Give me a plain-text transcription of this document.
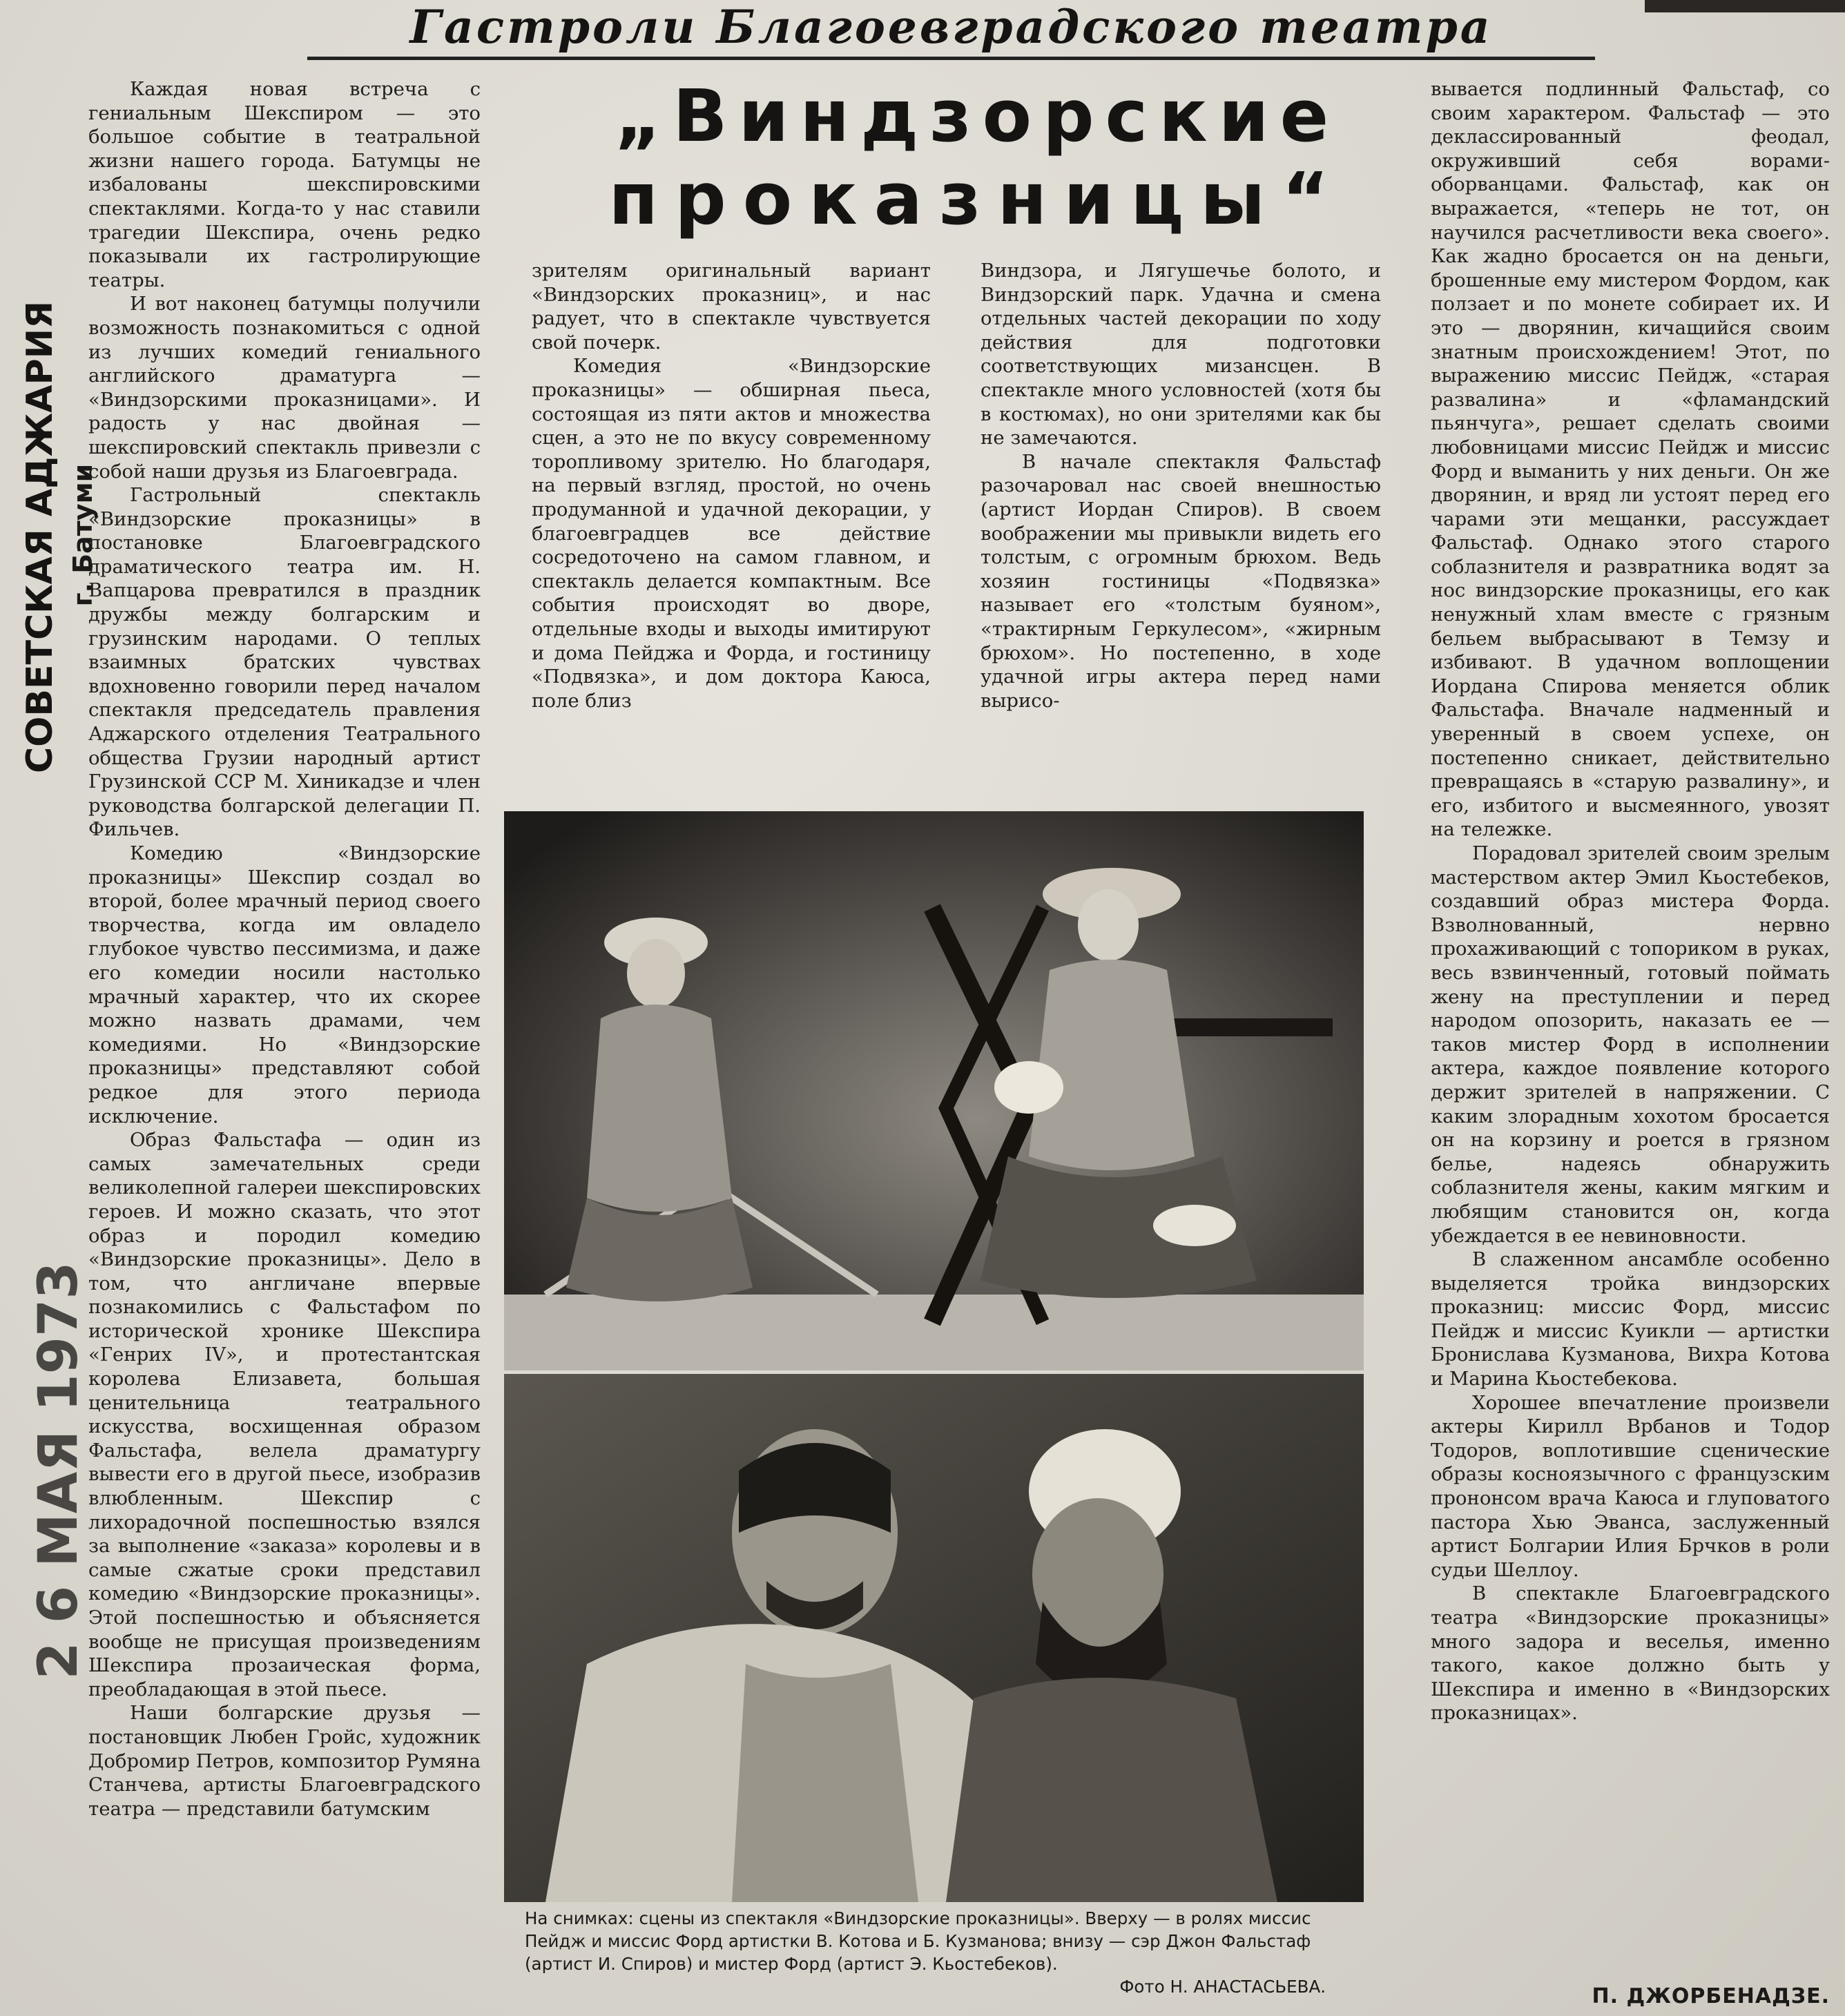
Гастроли Благоевградского театра
„Виндзорские
проказницы“
СОВЕТСКАЯ АДЖАРИЯ г. Батуми
2 6 МАЯ 1973

Каждая новая встреча с гениальным Шекспиром — это большое событие в театральной жизни нашего города. Батумцы не избалованы шекспировскими спектаклями. Когда-то у нас ставили трагедии Шекспира, очень редко показывали их гастролирующие театры.

И вот наконец батумцы получили возможность познакомиться с одной из лучших комедий гениального английского драматурга — «Виндзорскими проказницами». И радость у нас двойная — шекспировский спектакль привезли с собой наши друзья из Благоевграда.

Гастрольный спектакль «Виндзорские проказницы» в постановке Благоевградского драматического театра им. Н. Вапцарова превратился в праздник дружбы между болгарским и грузинским народами. О теплых взаимных братских чувствах вдохновенно говорили перед началом спектакля председатель правления Аджарского отделения Театрального общества Грузии народный артист Грузинской ССР М. Хиникадзе и член руководства болгарской делегации П. Фильчев.

Комедию «Виндзорские проказницы» Шекспир создал во второй, более мрачный период своего творчества, когда им овладело глубокое чувство пессимизма, и даже его комедии носили настолько мрачный характер, что их скорее можно назвать драмами, чем комедиями. Но «Виндзорские проказницы» представляют собой редкое для этого периода исключение.

Образ Фальстафа — один из самых замечательных среди великолепной галереи шекспировских героев. И можно сказать, что этот образ и породил комедию «Виндзорские проказницы». Дело в том, что англичане впервые познакомились с Фальстафом по исторической хронике Шекспира «Генрих IV», и протестантская королева Елизавета, большая ценительница театрального искусства, восхищенная образом Фальстафа, велела драматургу вывести его в другой пьесе, изобразив влюбленным. Шекспир с лихорадочной поспешностью взялся за выполнение «заказа» королевы и в самые сжатые сроки представил комедию «Виндзорские проказницы». Этой поспешностью и объясняется вообще не присущая произведениям Шекспира прозаическая форма, преобладающая в этой пьесе.

Наши болгарские друзья — постановщик Любен Гройс, художник Добромир Петров, композитор Румяна Станчева, артисты Благоевградского театра — представили батумским

зрителям оригинальный вариант «Виндзорских проказниц», и нас радует, что в спектакле чувствуется свой почерк.

Комедия «Виндзорские проказницы» — обширная пьеса, состоящая из пяти актов и множества сцен, а это не по вкусу современному торопливому зрителю. Но благодаря, на первый взгляд, простой, но очень продуманной и удачной декорации, у благоевградцев все действие сосредоточено на самом главном, и спектакль делается компактным. Все события происходят во дворе, отдельные входы и выходы имитируют и дома Пейджа и Форда, и гостиницу «Подвязка», и дом доктора Каюса, поле близ

Виндзора, и Лягушечье болото, и Виндзорский парк. Удачна и смена отдельных частей декорации по ходу действия для подготовки соответствующих мизансцен. В спектакле много условностей (хотя бы в костюмах), но они зрителями как бы не замечаются.

В начале спектакля Фальстаф разочаровал нас своей внешностью (артист Иордан Спиров). В своем воображении мы привыкли видеть его толстым, с огромным брюхом. Ведь хозяин гостиницы «Подвязка» называет его «толстым буяном», «трактирным Геркулесом», «жирным брюхом». Но постепенно, в ходе удачной игры актера перед нами вырисо-

вывается подлинный Фальстаф, со своим характером. Фальстаф — это деклассированный феодал, окруживший себя ворами-оборванцами. Фальстаф, как он выражается, «теперь не тот, он научился расчетливости века своего». Как жадно бросается он на деньги, брошенные ему мистером Фордом, как ползает и по монете собирает их. И это — дворянин, кичащийся своим знатным происхождением! Этот, по выражению миссис Пейдж, «старая развалина» и «фламандский пьянчуга», решает сделать своими любовницами миссис Пейдж и миссис Форд и выманить у них деньги. Он же дворянин, и вряд ли устоят перед его чарами эти мещанки, рассуждает Фальстаф. Однако этого старого соблазнителя и развратника водят за нос виндзорские проказницы, его как ненужный хлам вместе с грязным бельем выбрасывают в Темзу и избивают. В удачном воплощении Иордана Спирова меняется облик Фальстафа. Вначале надменный и уверенный в своем успехе, он постепенно сникает, действительно превращаясь в «старую развалину», и его, избитого и высмеянного, увозят на тележке.

Порадовал зрителей своим зрелым мастерством актер Эмил Кьостебеков, создавший образ мистера Форда. Взволнованный, нервно прохаживающий с топориком в руках, весь взвинченный, готовый поймать жену на преступлении и перед народом опозорить, наказать ее — таков мистер Форд в исполнении актера, каждое появление которого держит зрителей в напряжении. С каким злорадным хохотом бросается он на корзину и роется в грязном белье, надеясь обнаружить соблазнителя жены, каким мягким и любящим становится он, когда убеждается в ее невиновности.

В слаженном ансамбле особенно выделяется тройка виндзорских проказниц: миссис Форд, миссис Пейдж и миссис Куикли — артистки Бронислава Кузманова, Вихра Котова и Марина Кьостебекова.

Хорошее впечатление произвели актеры Кирилл Врбанов и Тодор Тодоров, воплотившие сценические образы косноязычного с французским прононсом врача Каюса и глуповатого пастора Хью Эванса, заслуженный артист Болгарии Илия Брчков в роли судьи Шеллоу.

В спектакле Благоевградского театра «Виндзорские проказницы» много задора и веселья, именно такого, какое должно быть у Шекспира и именно в «Виндзорских проказницах».

На снимках: сцены из спектакля «Виндзорские проказницы». Вверху — в ролях миссис Пейдж и миссис Форд артистки В. Котова и Б. Кузманова; внизу — сэр Джон Фальстаф (артист И. Спиров) и мистер Форд (артист Э. Кьостебеков).
Фото Н. АНАСТАСЬЕВА.	П. ДЖОРБЕНАДЗЕ.
